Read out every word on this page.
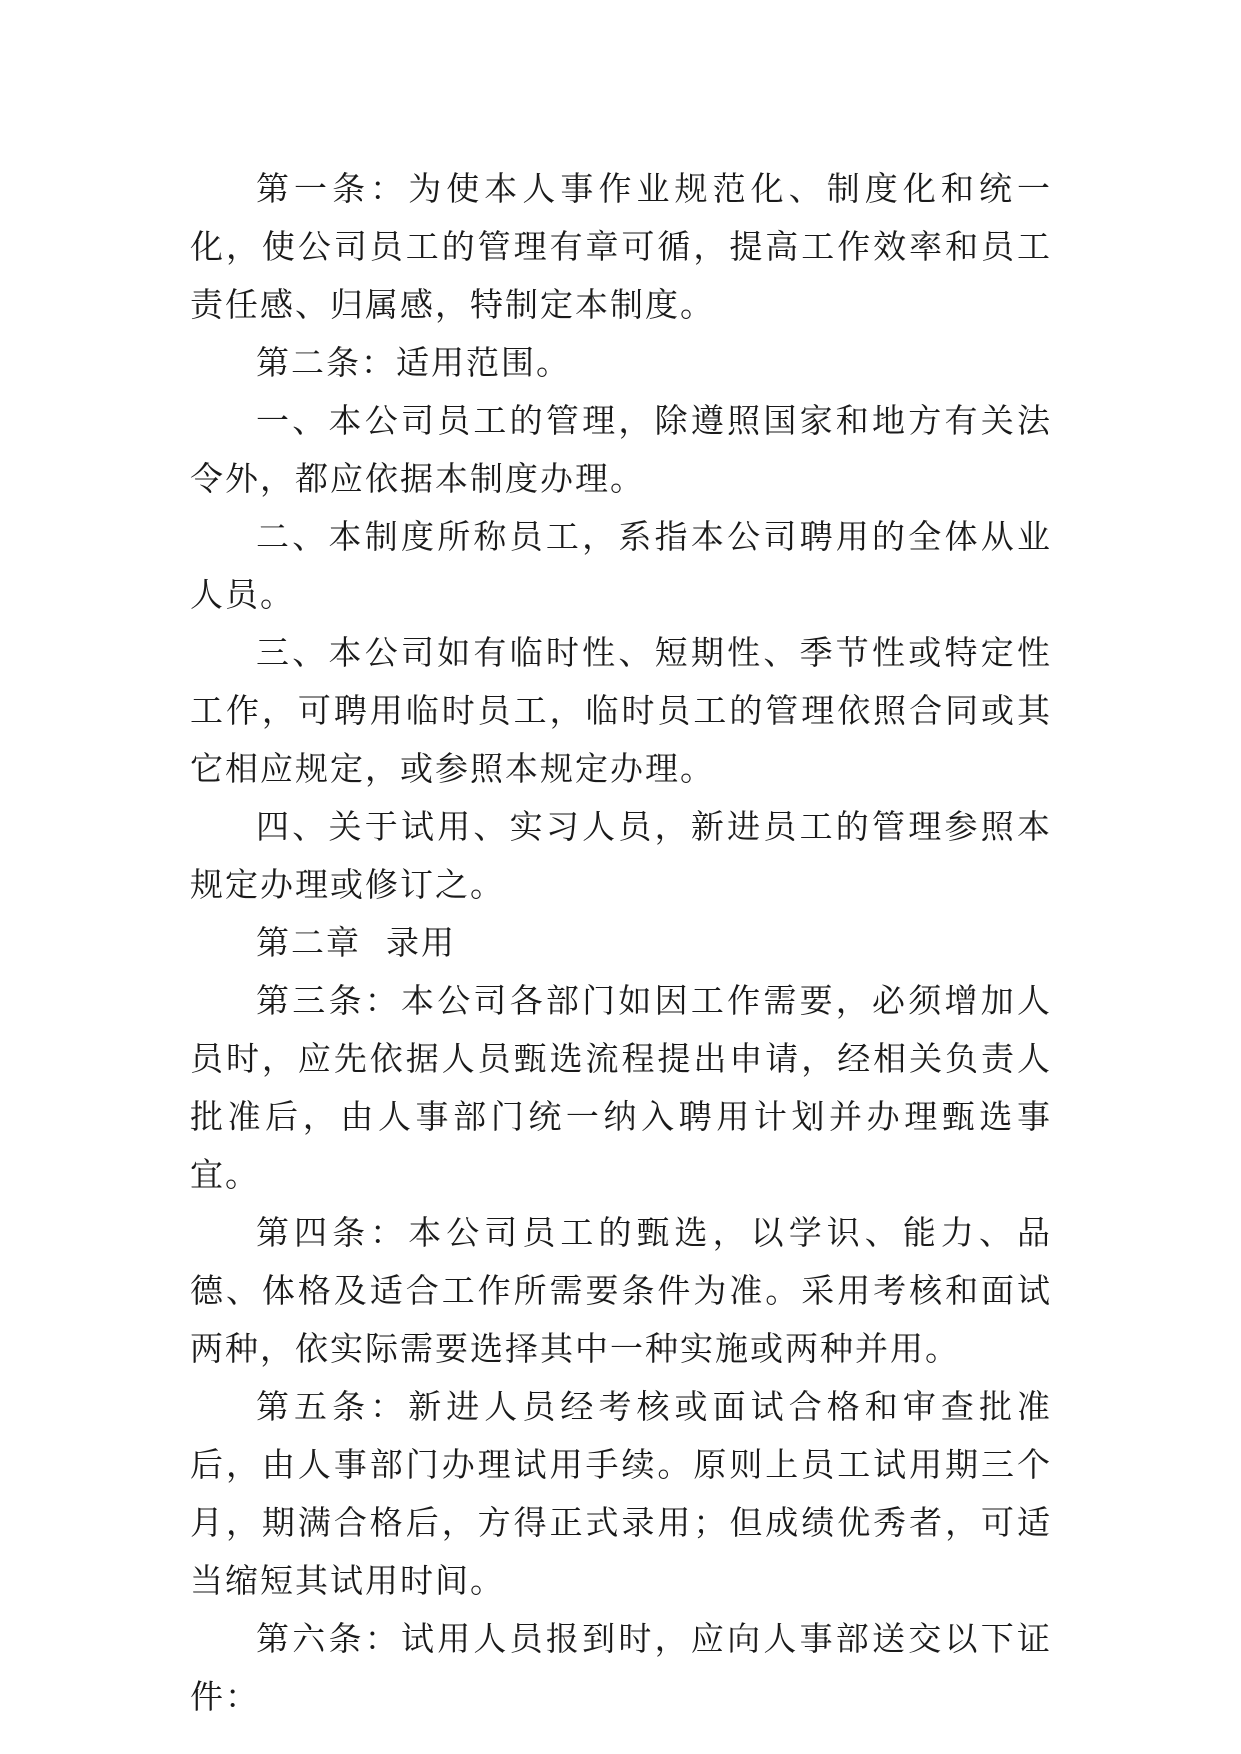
第一条：为使本人事作业规范化、制度化和统一化，使公司员工的管理有章可循，提高工作效率和员工责任感、归属感，特制定本制度。

第二条：适用范围。

一、本公司员工的管理，除遵照国家和地方有关法令外，都应依据本制度办理。

二、本制度所称员工，系指本公司聘用的全体从业人员。

三、本公司如有临时性、短期性、季节性或特定性工作，可聘用临时员工，临时员工的管理依照合同或其它相应规定，或参照本规定办理。

四、关于试用、实习人员，新进员工的管理参照本规定办理或修订之。

第二章  录用

第三条：本公司各部门如因工作需要，必须增加人员时，应先依据人员甄选流程提出申请，经相关负责人批准后，由人事部门统一纳入聘用计划并办理甄选事宜。

第四条：本公司员工的甄选，以学识、能力、品德、体格及适合工作所需要条件为准。采用考核和面试两种，依实际需要选择其中一种实施或两种并用。

第五条：新进人员经考核或面试合格和审查批准后，由人事部门办理试用手续。原则上员工试用期三个月，期满合格后，方得正式录用；但成绩优秀者，可适当缩短其试用时间。

第六条：试用人员报到时，应向人事部送交以下证件：
